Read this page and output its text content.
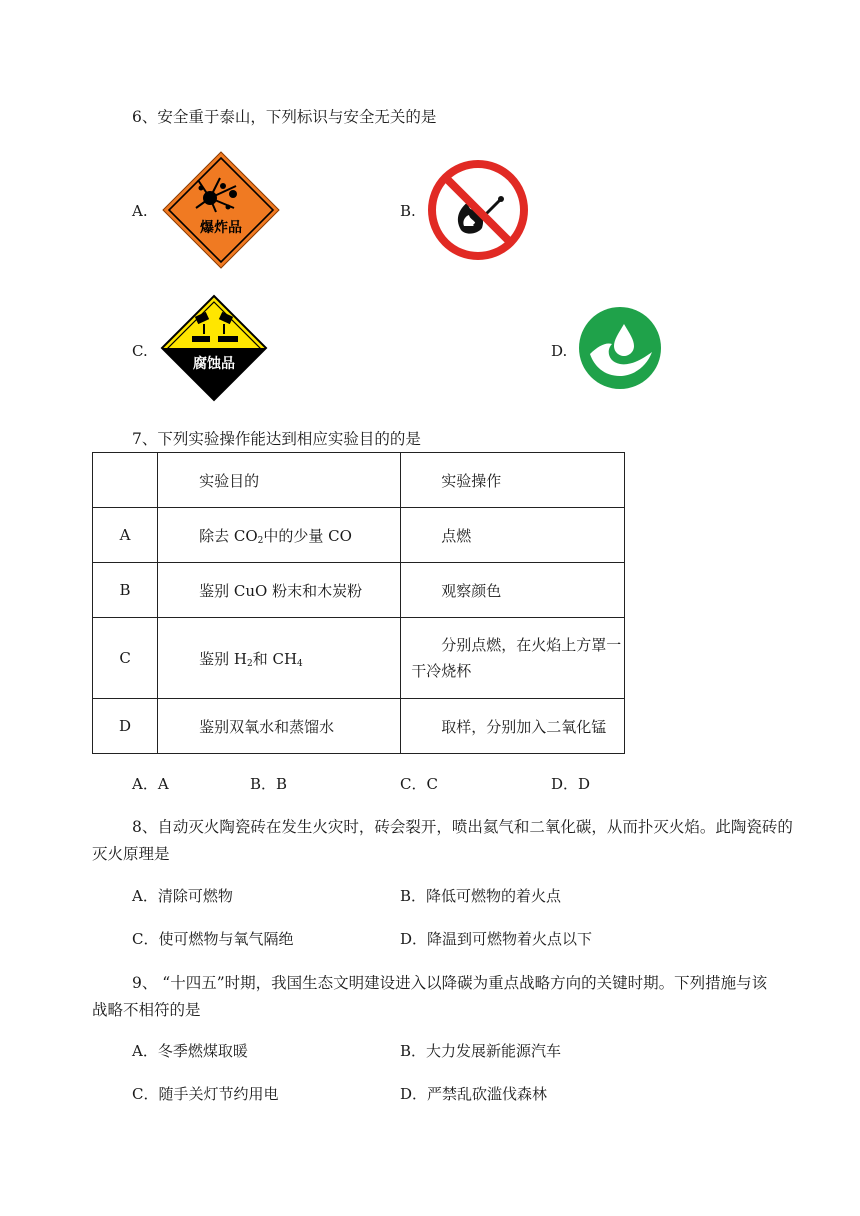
6、安全重于泰山，下列标识与安全无关的是
A.
爆炸品
B.
C.
腐蚀品
D.
7、下列实验操作能达到相应实验目的的是
	实验目的	实验操作
A	除去 $CO_2$中的少量 CO	点燃
B	鉴别 CuO 粉末和木炭粉	观察颜色
C	鉴别 $H_2$和 $CH_4$	分别点燃，在火焰上方罩一
干冷烧杯

D	鉴别双氧水和蒸馏水	取样，分别加入二氧化锰
A．A	B．B	C．C	D．D
8、自动灭火陶瓷砖在发生火灾时，砖会裂开，喷出氦气和二氧化碳，从而扑灭火焰。此陶瓷砖的
灭火原理是
A．清除可燃物	B．降低可燃物的着火点
C．使可燃物与氧气隔绝	D．降温到可燃物着火点以下
9、 “十四五”时期，我国生态文明建设进入以降碳为重点战略方向的关键时期。下列措施与该
战略不相符的是
A．冬季燃煤取暖	B．大力发展新能源汽车
C．随手关灯节约用电	D．严禁乱砍滥伐森林
